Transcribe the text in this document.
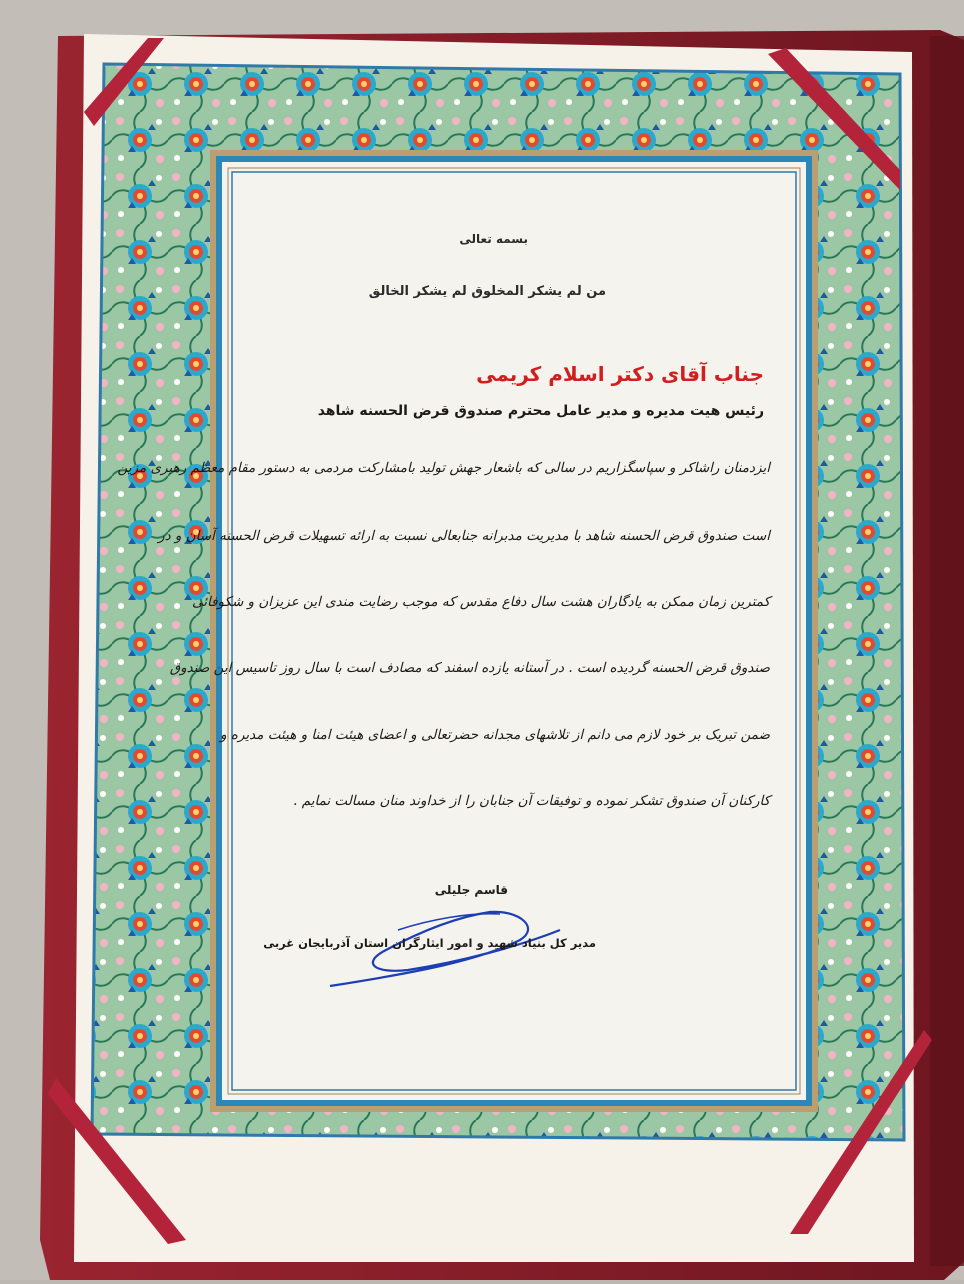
بسمه تعالی
من لم یشکر المخلوق لم یشکر الخالق
جناب آقای دکتر اسلام کریمی
رئیس هیت مدیره و مدیر عامل محترم صندوق قرض الحسنه شاهد
ایزدمنان راشاکر و سپاسگزاریم در سالی که باشعار جهش تولید بامشارکت مردمی به دستور مقام معظم رهبری مزین
است صندوق قرض الحسنه شاهد با مدیریت مدبرانه جنابعالی نسبت به ارائه تسهیلات قرض الحسنه آسان و در
کمترین زمان ممکن به یادگاران هشت سال دفاع مقدس که موجب رضایت مندی این عزیزان و شکوفائی
صندوق قرض الحسنه گردیده است . در آستانه یازده اسفند که مصادف است با سال روز تاسیس این صندوق
ضمن تبریک بر خود لازم می دانم از تلاشهای مجدانه حضرتعالی و اعضای هیئت امنا و هیئت مدیره و
کارکنان آن صندوق تشکر نموده و توفیقات آن جنابان را از خداوند منان مسالت نمایم .
قاسم جلیلی
مدیر کل بنیاد شهید و امور ایثارگران استان آذربایجان غربی
